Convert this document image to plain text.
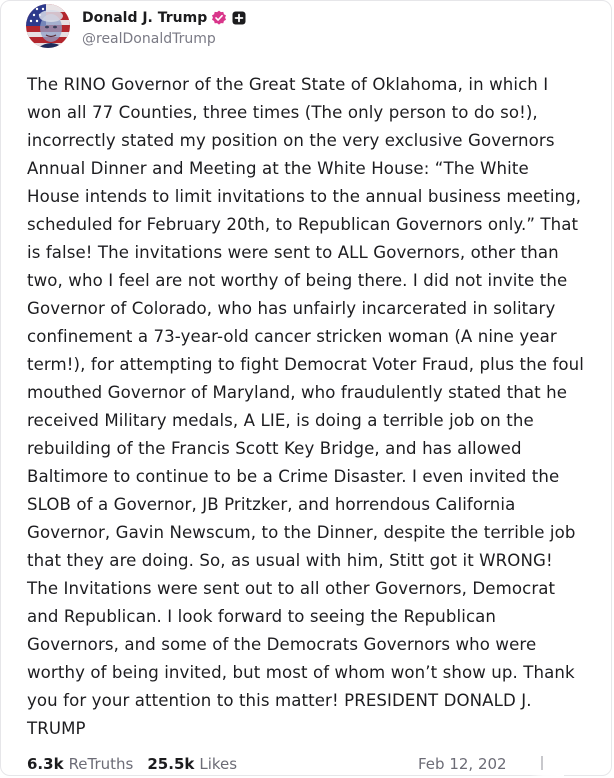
Donald J. Trump
@realDonaldTrump

The RINO Governor of the Great State of Oklahoma, in which I
won all 77 Counties, three times (The only person to do so!),
incorrectly stated my position on the very exclusive Governors
Annual Dinner and Meeting at the White House: “The White
House intends to limit invitations to the annual business meeting,
scheduled for February 20th, to Republican Governors only.” That
is false! The invitations were sent to ALL Governors, other than
two, who I feel are not worthy of being there. I did not invite the
Governor of Colorado, who has unfairly incarcerated in solitary
confinement a 73-year-old cancer stricken woman (A nine year
term!), for attempting to fight Democrat Voter Fraud, plus the foul
mouthed Governor of Maryland, who fraudulently stated that he
received Military medals, A LIE, is doing a terrible job on the
rebuilding of the Francis Scott Key Bridge, and has allowed
Baltimore to continue to be a Crime Disaster. I even invited the
SLOB of a Governor, JB Pritzker, and horrendous California
Governor, Gavin Newscum, to the Dinner, despite the terrible job
that they are doing. So, as usual with him, Stitt got it WRONG!
The Invitations were sent out to all other Governors, Democrat
and Republican. I look forward to seeing the Republican
Governors, and some of the Democrats Governors who were
worthy of being invited, but most of whom won’t show up. Thank
you for your attention to this matter! PRESIDENT DONALD J.
TRUMP

6.3k ReTruths 25.5k Likes	Feb 12, 202
